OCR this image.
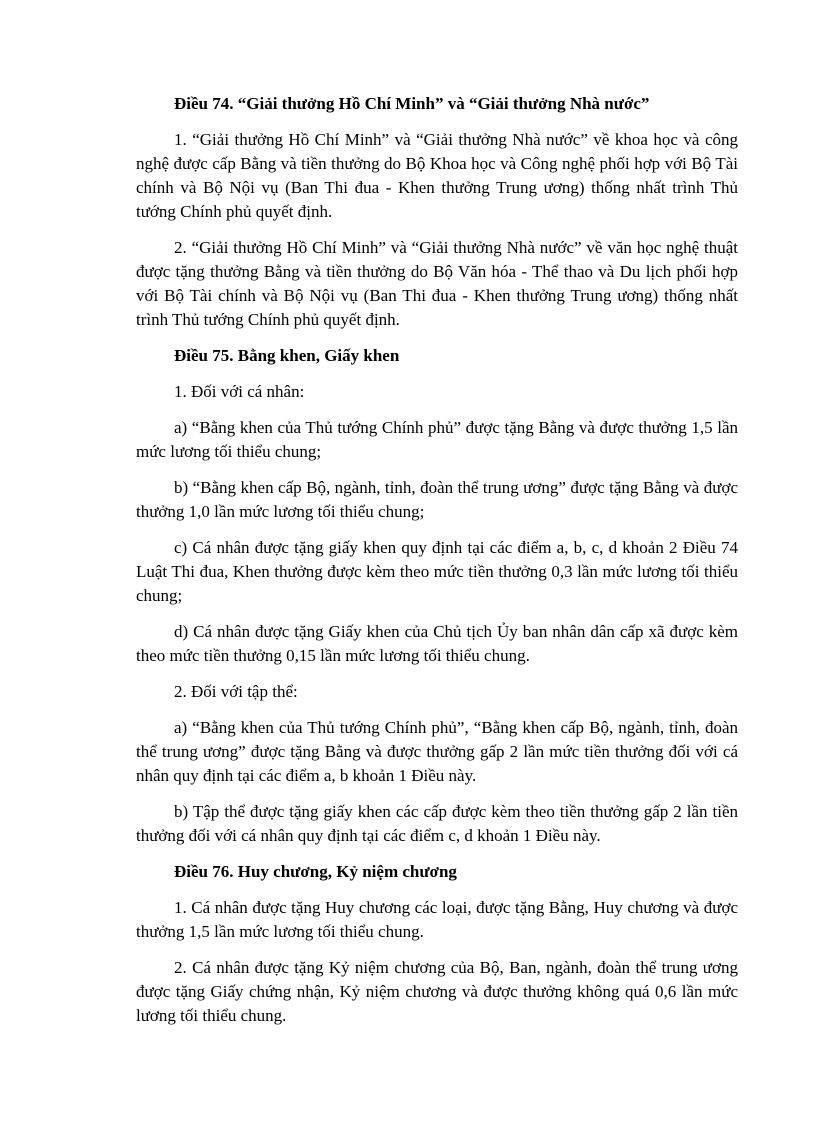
Điều 74. “Giải thưởng Hồ Chí Minh” và “Giải thưởng Nhà nước”

1. “Giải thưởng Hồ Chí Minh” và “Giải thưởng Nhà nước” về khoa học và công nghệ được cấp Bằng và tiền thưởng do Bộ Khoa học và Công nghệ phối hợp với Bộ Tài chính và Bộ Nội vụ (Ban Thi đua - Khen thưởng Trung ương) thống nhất trình Thủ tướng Chính phủ quyết định.

2. “Giải thưởng Hồ Chí Minh” và “Giải thưởng Nhà nước” về văn học nghệ thuật được tặng thưởng Bằng và tiền thưởng do Bộ Văn hóa - Thể thao và Du lịch phối hợp với Bộ Tài chính và Bộ Nội vụ (Ban Thi đua - Khen thưởng Trung ương) thống nhất trình Thủ tướng Chính phủ quyết định.

Điều 75. Bằng khen, Giấy khen

1. Đối với cá nhân:

a) “Bằng khen của Thủ tướng Chính phủ” được tặng Bằng và được thưởng 1,5 lần mức lương tối thiểu chung;

b) “Bằng khen cấp Bộ, ngành, tỉnh, đoàn thể trung ương” được tặng Bằng và được thưởng 1,0 lần mức lương tối thiểu chung;

c) Cá nhân được tặng giấy khen quy định tại các điểm a, b, c, d khoản 2 Điều 74 Luật Thi đua, Khen thưởng được kèm theo mức tiền thưởng 0,3 lần mức lương tối thiểu chung;

d) Cá nhân được tặng Giấy khen của Chủ tịch Ủy ban nhân dân cấp xã được kèm theo mức tiền thưởng 0,15 lần mức lương tối thiểu chung.

2. Đối với tập thể:

a) “Bằng khen của Thủ tướng Chính phủ”, “Bằng khen cấp Bộ, ngành, tỉnh, đoàn thể trung ương” được tặng Bằng và được thưởng gấp 2 lần mức tiền thưởng đối với cá nhân quy định tại các điểm a, b khoản 1 Điều này.

b) Tập thể được tặng giấy khen các cấp được kèm theo tiền thưởng gấp 2 lần tiền thưởng đối với cá nhân quy định tại các điểm c, d khoản 1 Điều này.

Điều 76. Huy chương, Kỷ niệm chương

1. Cá nhân được tặng Huy chương các loại, được tặng Bằng, Huy chương và được thưởng 1,5 lần mức lương tối thiểu chung.

2. Cá nhân được tặng Kỷ niệm chương của Bộ, Ban, ngành, đoàn thể trung ương được tặng Giấy chứng nhận, Kỷ niệm chương và được thưởng không quá 0,6 lần mức lương tối thiểu chung.
